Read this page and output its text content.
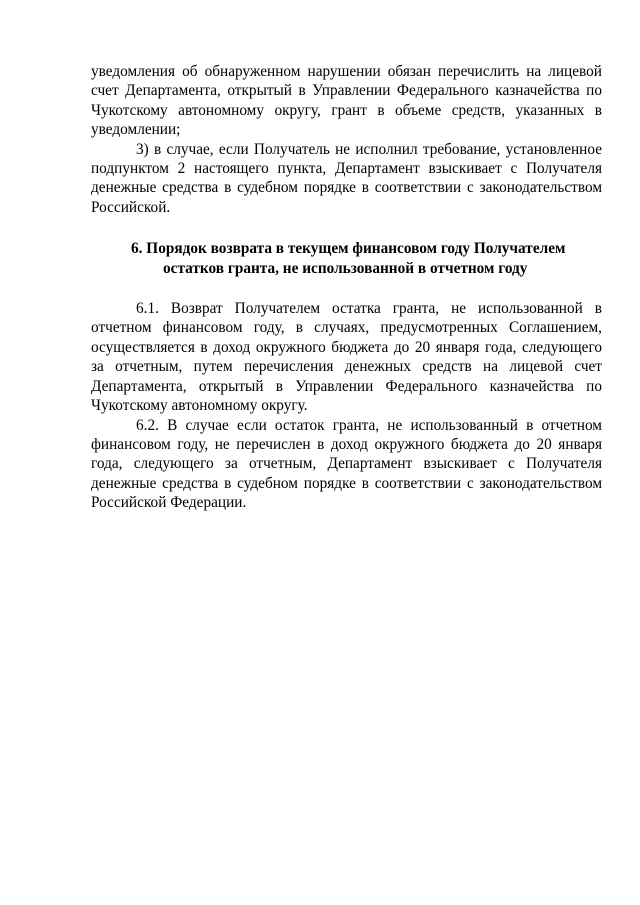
уведомления об обнаруженном нарушении обязан перечислить на лицевой счет Департамента, открытый в Управлении Федерального казначейства по Чукотскому автономному округу, грант в объеме средств, указанных в уведомлении;

3) в случае, если Получатель не исполнил требование, установленное подпунктом 2 настоящего пункта, Департамент взыскивает с Получателя денежные средства в судебном порядке в соответствии с законодательством Российской.

6. Порядок возврата в текущем финансовом году Получателем
остатков гранта, не использованной в отчетном году

6.1. Возврат Получателем остатка гранта, не использованной в отчетном финансовом году, в случаях, предусмотренных Соглашением, осуществляется в доход окружного бюджета до 20 января года, следующего за отчетным, путем перечисления денежных средств на лицевой счет Департамента, открытый в Управлении Федерального казначейства по Чукотскому автономному округу.

6.2. В случае если остаток гранта, не использованный в отчетном финансовом году, не перечислен в доход окружного бюджета до 20 января года, следующего за отчетным, Департамент взыскивает с Получателя денежные средства в судебном порядке в соответствии с законодательством Российской Федерации.
